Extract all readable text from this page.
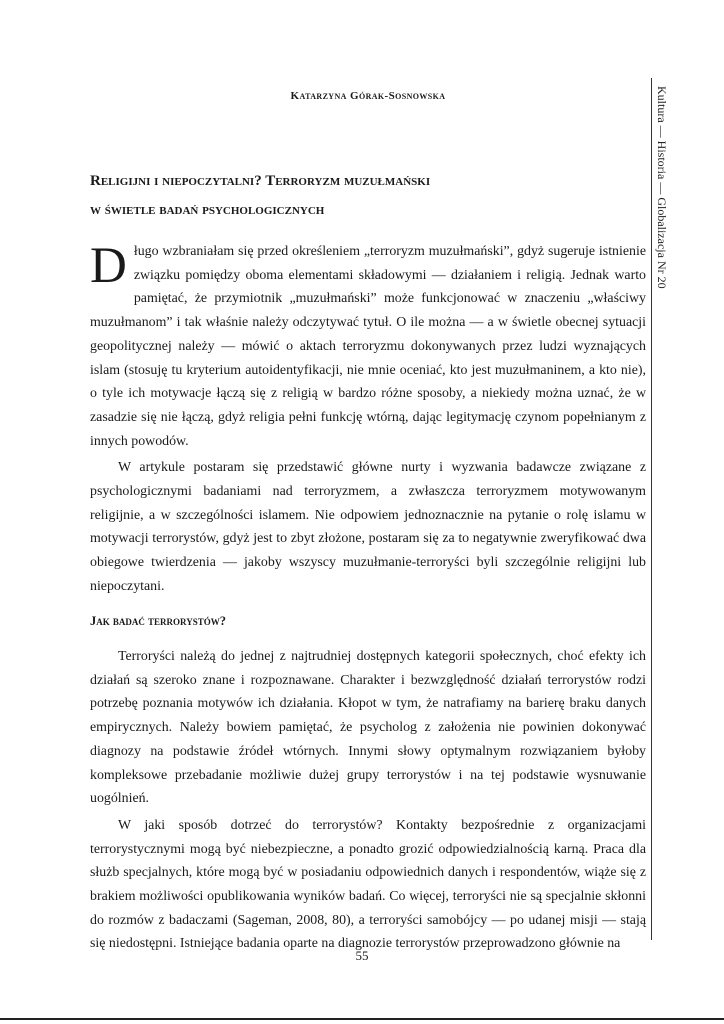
Katarzyna Górak-Sosnowska	Kultura — Historia — Globalizacja Nr 20
Religijni i niepoczytalni? Terroryzm muzułmański
w świetle badań psychologicznych

Długo wzbraniałam się przed określeniem „terroryzm muzułmański”, gdyż sugeruje istnienie związku pomiędzy oboma elementami składowymi — działaniem i religią. Jednak warto pamiętać, że przymiotnik „muzułmański” może funkcjonować w znaczeniu „właściwy muzułmanom” i tak właśnie należy odczytywać tytuł. O ile można — a w świetle obecnej sytuacji geopolitycznej należy — mówić o aktach terroryzmu dokonywanych przez ludzi wyznających islam (stosuję tu kryterium autoidentyfikacji, nie mnie oceniać, kto jest muzułmaninem, a kto nie), o tyle ich motywacje łączą się z religią w bardzo różne sposoby, a niekiedy można uznać, że w zasadzie się nie łączą, gdyż religia pełni funkcję wtórną, dając legitymację czynom popełnianym z innych powodów.

W artykule postaram się przedstawić główne nurty i wyzwania badawcze związane z psychologicznymi badaniami nad terroryzmem, a zwłaszcza terroryzmem motywowanym religijnie, a w szczególności islamem. Nie odpowiem jednoznacznie na pytanie o rolę islamu w motywacji terrorystów, gdyż jest to zbyt złożone, postaram się za to negatywnie zweryfikować dwa obiegowe twierdzenia — jakoby wszyscy muzułmanie-terroryści byli szczególnie religijni lub niepoczytani.

Jak badać terrorystów?

Terroryści należą do jednej z najtrudniej dostępnych kategorii społecznych, choć efekty ich działań są szeroko znane i rozpoznawane. Charakter i bezwzględność działań terrorystów rodzi potrzebę poznania motywów ich działania. Kłopot w tym, że natrafiamy na barierę braku danych empirycznych. Należy bowiem pamiętać, że psycholog z założenia nie powinien dokonywać diagnozy na podstawie źródeł wtórnych. Innymi słowy optymalnym rozwiązaniem byłoby kompleksowe przebadanie możliwie dużej grupy terrorystów i na tej podstawie wysnuwanie uogólnień.

W jaki sposób dotrzeć do terrorystów? Kontakty bezpośrednie z organizacjami terrorystycznymi mogą być niebezpieczne, a ponadto grozić odpowiedzialnością karną. Praca dla służb specjalnych, które mogą być w posiadaniu odpowiednich danych i respondentów, wiąże się z brakiem możliwości opublikowania wyników badań. Co więcej, terroryści nie są specjalnie skłonni do rozmów z badaczami (Sageman, 2008, 80), a terroryści samobójcy — po udanej misji — stają się niedostępni. Istniejące badania oparte na diagnozie terrorystów przeprowadzono głównie na

55
